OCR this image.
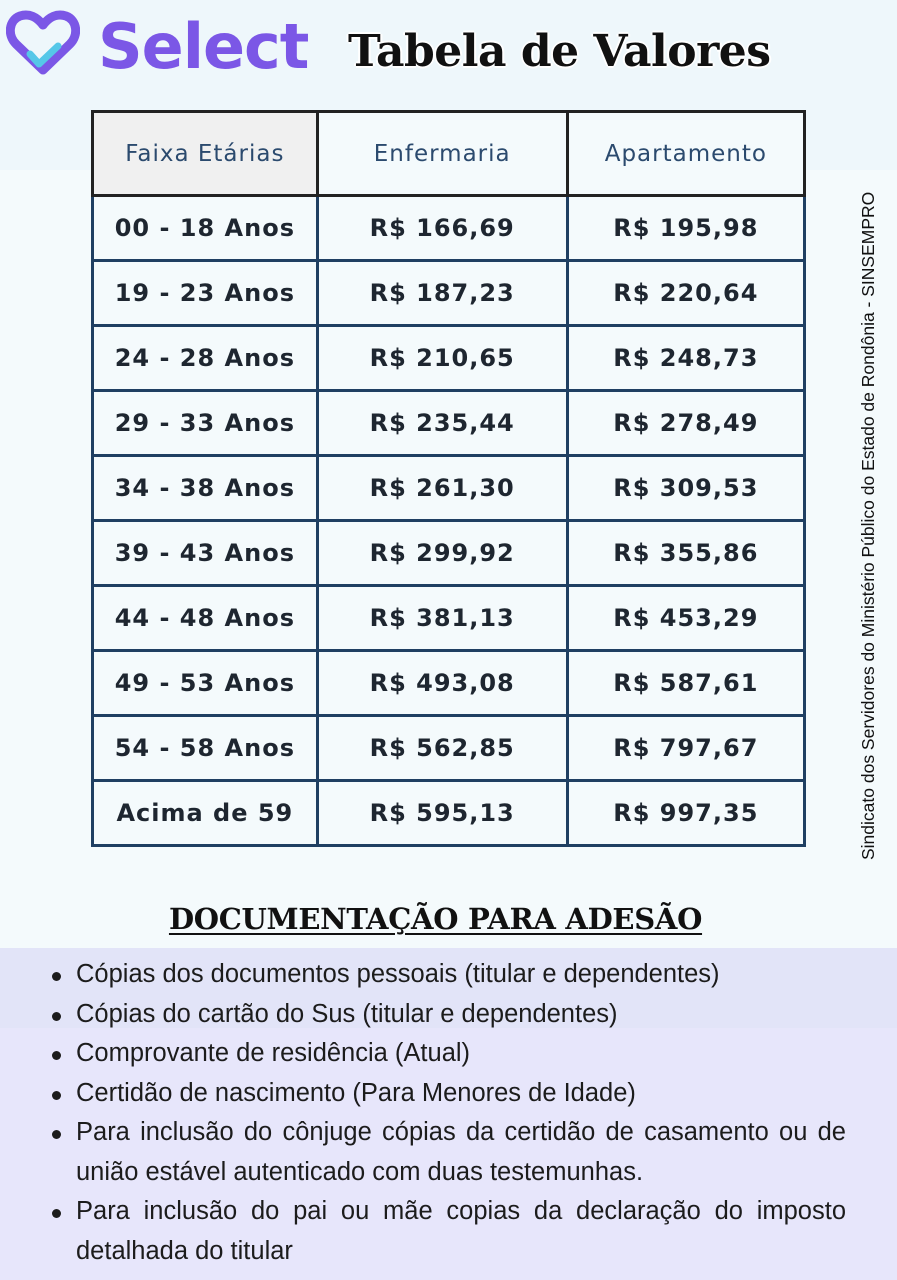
Select Tabela de Valores
Faixa Etárias	Enfermaria	Apartamento
00 - 18 Anos	R$ 166,69	R$ 195,98
19 - 23 Anos	R$ 187,23	R$ 220,64
24 - 28 Anos	R$ 210,65	R$ 248,73
29 - 33 Anos	R$ 235,44	R$ 278,49
34 - 38 Anos	R$ 261,30	R$ 309,53
39 - 43 Anos	R$ 299,92	R$ 355,86
44 - 48 Anos	R$ 381,13	R$ 453,29
49 - 53 Anos	R$ 493,08	R$ 587,61
54 - 58 Anos	R$ 562,85	R$ 797,67
Acima de 59	R$ 595,13	R$ 997,35	Sindicato dos Servidores do Ministério Público do Estado de Rondônia - SINSEMPRO
DOCUMENTAÇÃO PARA ADESÃO
Cópias dos documentos pessoais (titular e dependentes)
Cópias do cartão do Sus (titular e dependentes)
Comprovante de residência (Atual)
Certidão de nascimento (Para Menores de Idade)
Para inclusão do cônjuge cópias da certidão de casamento ou de união estável autenticado com duas testemunhas.
Para inclusão do pai ou mãe copias da declaração do imposto detalhada do titular
